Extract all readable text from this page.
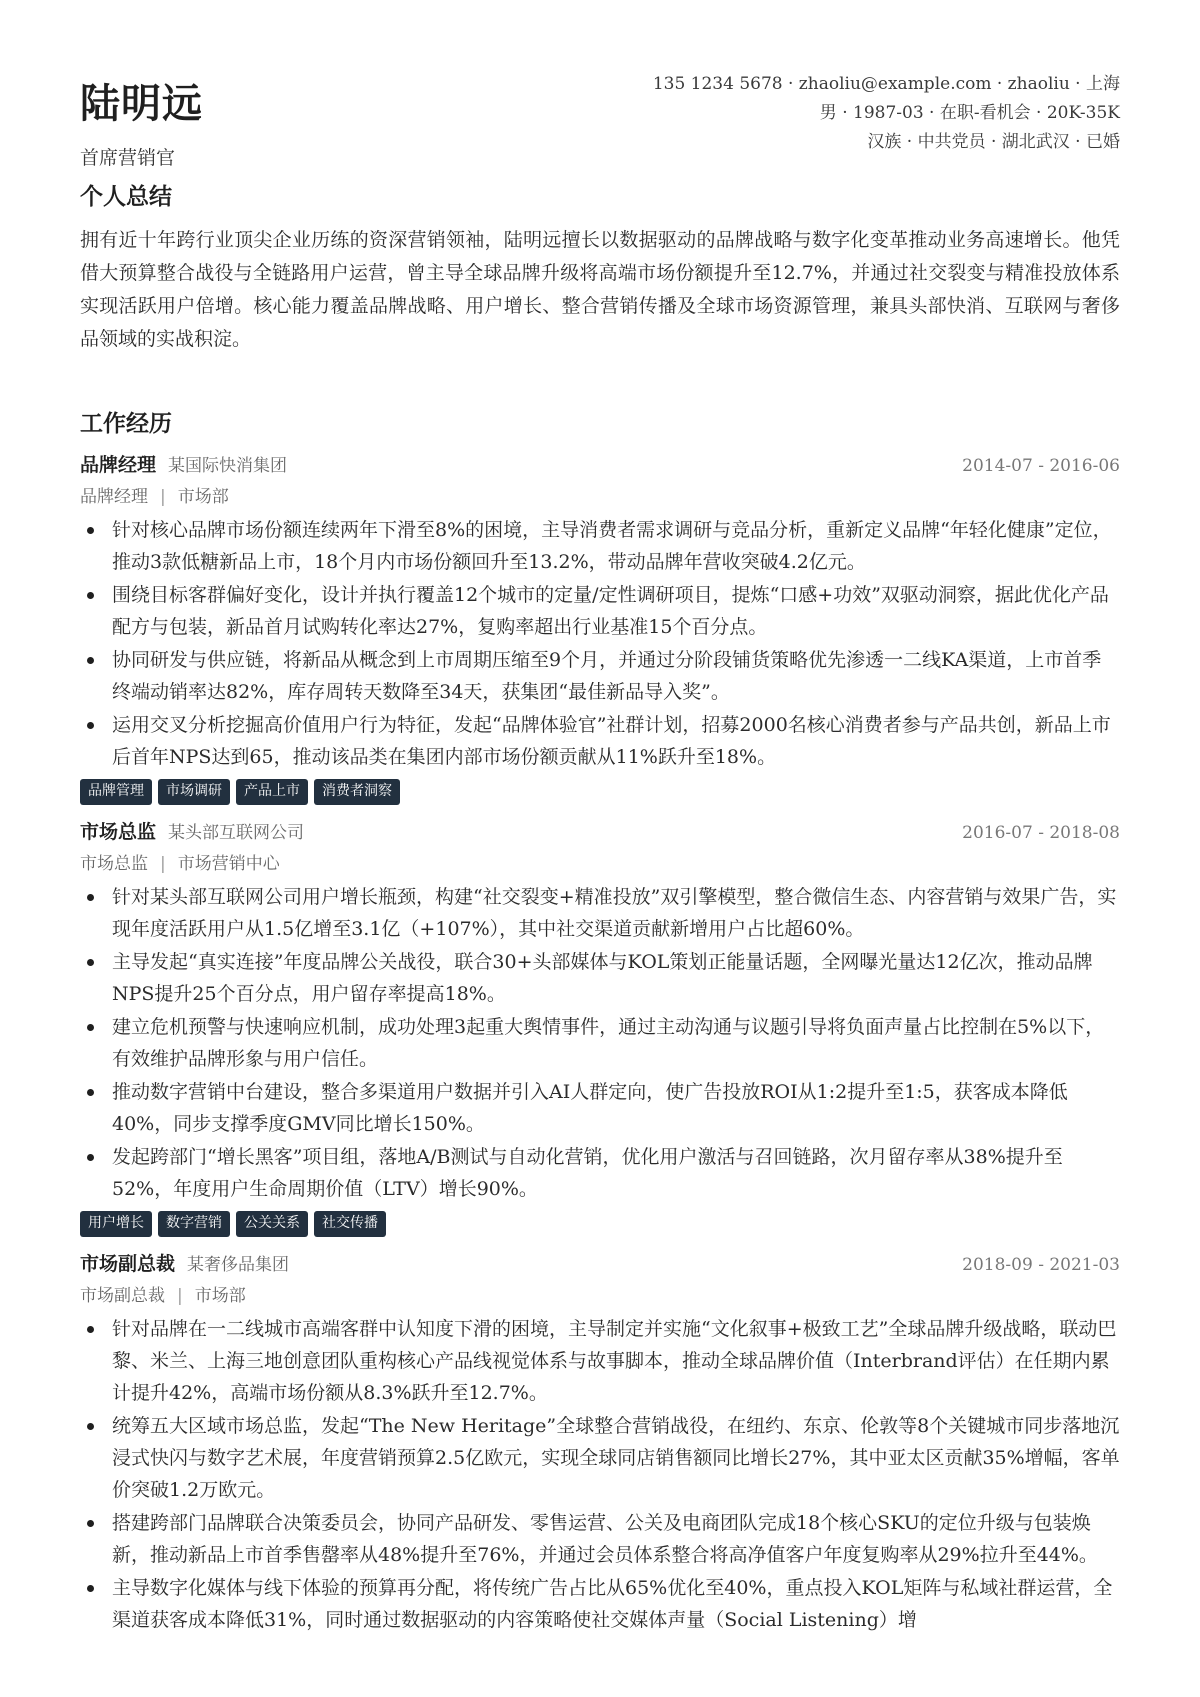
陆明远
首席营销官
135 1234 5678 · zhaoliu@example.com · zhaoliu · 上海
男 · 1987-03 · 在职-看机会 · 20K-35K
汉族 · 中共党员 · 湖北武汉 · 已婚
个人总结

拥有近十年跨行业顶尖企业历练的资深营销领袖，陆明远擅长以数据驱动的品牌战略与数字化变革推动业务高速增长。他凭借大预算整合战役与全链路用户运营，曾主导全球品牌升级将高端市场份额提升至12.7%，并通过社交裂变与精准投放体系实现活跃用户倍增。核心能力覆盖品牌战略、用户增长、整合营销传播及全球市场资源管理，兼具头部快消、互联网与奢侈品领域的实战积淀。

工作经历
品牌经理 某国际快消集团	2014-07 - 2016-06
品牌经理 | 市场部
针对核心品牌市场份额连续两年下滑至8%的困境，主导消费者需求调研与竞品分析，重新定义品牌“年轻化健康”定位，推动3款低糖新品上市，18个月内市场份额回升至13.2%，带动品牌年营收突破4.2亿元。
围绕目标客群偏好变化，设计并执行覆盖12个城市的定量/定性调研项目，提炼“口感+功效”双驱动洞察，据此优化产品配方与包装，新品首月试购转化率达27%，复购率超出行业基准15个百分点。
协同研发与供应链，将新品从概念到上市周期压缩至9个月，并通过分阶段铺货策略优先渗透一二线KA渠道，上市首季终端动销率达82%，库存周转天数降至34天，获集团“最佳新品导入奖”。
运用交叉分析挖掘高价值用户行为特征，发起“品牌体验官”社群计划，招募2000名核心消费者参与产品共创，新品上市后首年NPS达到65，推动该品类在集团内部市场份额贡献从11%跃升至18%。
品牌管理	市场调研	产品上市	消费者洞察
市场总监 某头部互联网公司	2016-07 - 2018-08
市场总监 | 市场营销中心
针对某头部互联网公司用户增长瓶颈，构建“社交裂变+精准投放”双引擎模型，整合微信生态、内容营销与效果广告，实现年度活跃用户从1.5亿增至3.1亿（+107%），其中社交渠道贡献新增用户占比超60%。
主导发起“真实连接”年度品牌公关战役，联合30+头部媒体与KOL策划正能量话题，全网曝光量达12亿次，推动品牌NPS提升25个百分点，用户留存率提高18%。
建立危机预警与快速响应机制，成功处理3起重大舆情事件，通过主动沟通与议题引导将负面声量占比控制在5%以下，有效维护品牌形象与用户信任。
推动数字营销中台建设，整合多渠道用户数据并引入AI人群定向，使广告投放ROI从1:2提升至1:5，获客成本降低40%，同步支撑季度GMV同比增长150%。
发起跨部门“增长黑客”项目组，落地A/B测试与自动化营销，优化用户激活与召回链路，次月留存率从38%提升至52%，年度用户生命周期价值（LTV）增长90%。
用户增长	数字营销	公关关系	社交传播
市场副总裁 某奢侈品集团	2018-09 - 2021-03
市场副总裁 | 市场部
针对品牌在一二线城市高端客群中认知度下滑的困境，主导制定并实施“文化叙事+极致工艺”全球品牌升级战略，联动巴黎、米兰、上海三地创意团队重构核心产品线视觉体系与故事脚本，推动全球品牌价值（Interbrand评估）在任期内累计提升42%，高端市场份额从8.3%跃升至12.7%。
统筹五大区域市场总监，发起“The New Heritage”全球整合营销战役，在纽约、东京、伦敦等8个关键城市同步落地沉浸式快闪与数字艺术展，年度营销预算2.5亿欧元，实现全球同店销售额同比增长27%，其中亚太区贡献35%增幅，客单价突破1.2万欧元。
搭建跨部门品牌联合决策委员会，协同产品研发、零售运营、公关及电商团队完成18个核心SKU的定位升级与包装焕新，推动新品上市首季售罄率从48%提升至76%，并通过会员体系整合将高净值客户年度复购率从29%拉升至44%。
主导数字化媒体与线下体验的预算再分配，将传统广告占比从65%优化至40%，重点投入KOL矩阵与私域社群运营，全渠道获客成本降低31%，同时通过数据驱动的内容策略使社交媒体声量（Social Listening）增
